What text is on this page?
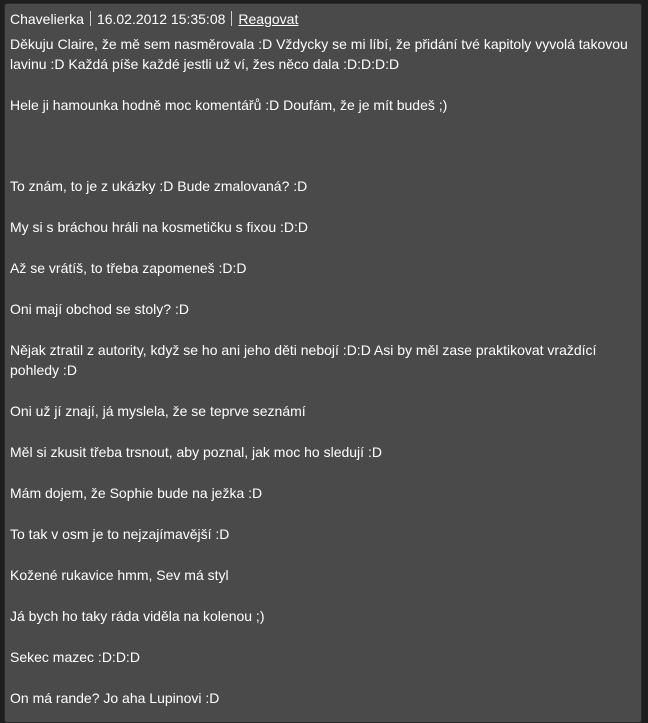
Chavelierka 16.02.2012 15:35:08 Reagovat

Děkuju Claire, že mě sem nasměrovala :D Vždycky se mi líbí, že přidání tvé kapitoly vyvolá takovou lavinu :D Každá píše každé jestli už ví, žes něco dala :D:D:D:D

Hele ji hamounka hodně moc komentářů :D Doufám, že je mít budeš ;)

To znám, to je z ukázky :D Bude zmalovaná? :D

My si s bráchou hráli na kosmetičku s fixou :D:D

Až se vrátíš, to třeba zapomeneš :D:D

Oni mají obchod se stoly? :D

Nějak ztratil z autority, když se ho ani jeho děti nebojí :D:D Asi by měl zase praktikovat vraždící pohledy :D

Oni už jí znají, já myslela, že se teprve seznámí

Měl si zkusit třeba trsnout, aby poznal, jak moc ho sledují :D

Mám dojem, že Sophie bude na ježka :D

To tak v osm je to nejzajímavější :D

Kožené rukavice hmm, Sev má styl

Já bych ho taky ráda viděla na kolenou ;)

Sekec mazec :D:D:D

On má rande? Jo aha Lupinovi :D
